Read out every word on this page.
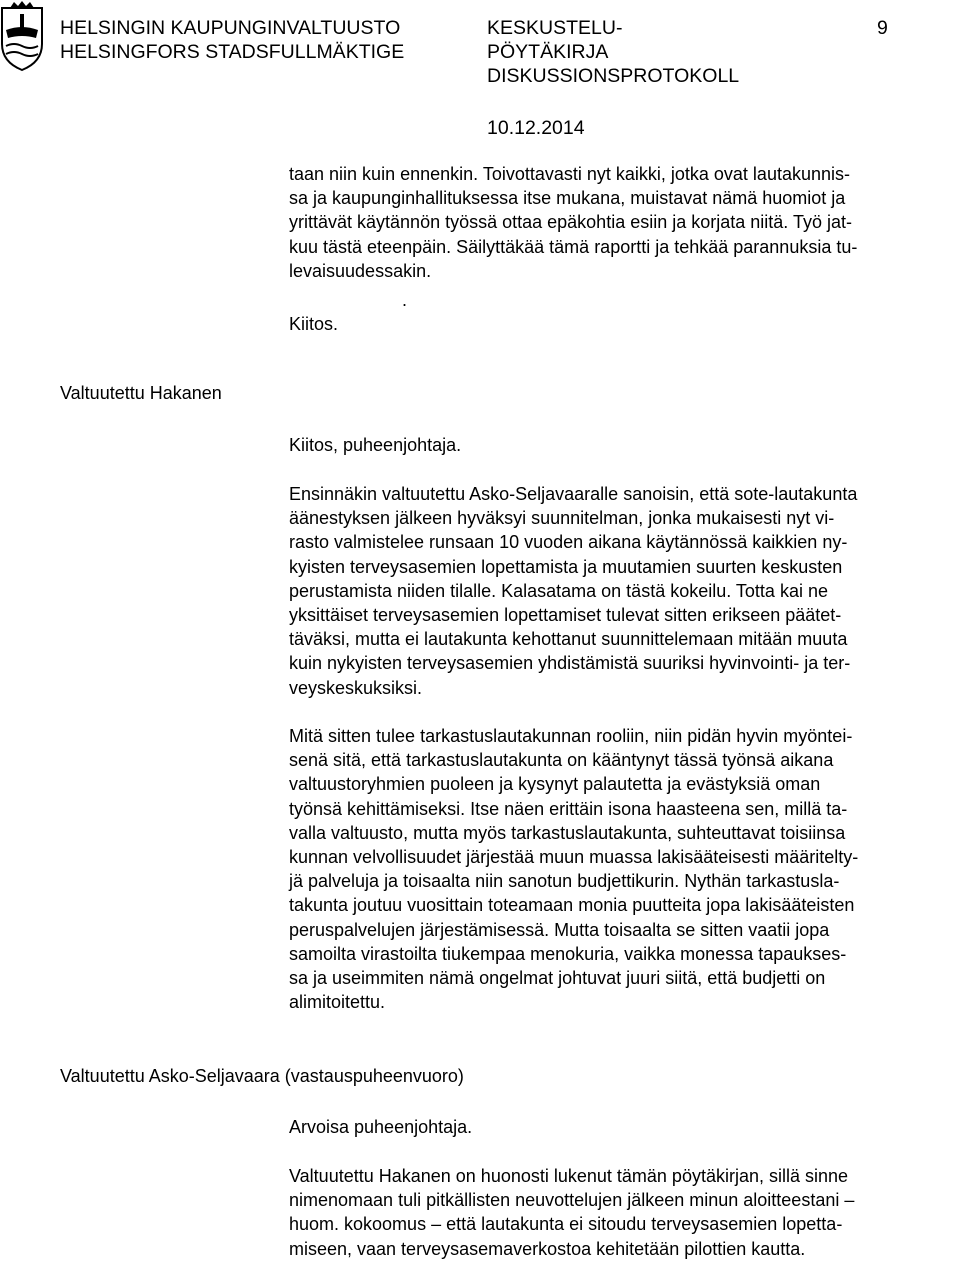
HELSINGIN KAUPUNGINVALTUUSTO
HELSINGFORS STADSFULLMÄKTIGE
KESKUSTELU-
PÖYTÄKIRJA
DISKUSSIONSPROTOKOLL
9
10.12.2014
taan niin kuin ennenkin. Toivottavasti nyt kaikki, jotka ovat lautakunnis-
sa ja kaupunginhallituksessa itse mukana, muistavat nämä huomiot ja
yrittävät käytännön työssä ottaa epäkohtia esiin ja korjata niitä. Työ jat-
kuu tästä eteenpäin. Säilyttäkää tämä raportti ja tehkää parannuksia tu-
levaisuudessakin.
.
Kiitos.
Valtuutettu Hakanen
Kiitos, puheenjohtaja.
Ensinnäkin valtuutettu Asko-Seljavaaralle sanoisin, että sote-lautakunta
äänestyksen jälkeen hyväksyi suunnitelman, jonka mukaisesti nyt vi-
rasto valmistelee runsaan 10 vuoden aikana käytännössä kaikkien ny-
kyisten terveysasemien lopettamista ja muutamien suurten keskusten
perustamista niiden tilalle. Kalasatama on tästä kokeilu. Totta kai ne
yksittäiset terveysasemien lopettamiset tulevat sitten erikseen päätet-
täväksi, mutta ei lautakunta kehottanut suunnittelemaan mitään muuta
kuin nykyisten terveysasemien yhdistämistä suuriksi hyvinvointi- ja ter-
veyskeskuksiksi.
Mitä sitten tulee tarkastuslautakunnan rooliin, niin pidän hyvin myöntei-
senä sitä, että tarkastuslautakunta on kääntynyt tässä työnsä aikana
valtuustoryhmien puoleen ja kysynyt palautetta ja evästyksiä oman
työnsä kehittämiseksi. Itse näen erittäin isona haasteena sen, millä ta-
valla valtuusto, mutta myös tarkastuslautakunta, suhteuttavat toisiinsa
kunnan velvollisuudet järjestää muun muassa lakisääteisesti määritelty-
jä palveluja ja toisaalta niin sanotun budjettikurin. Nythän tarkastusla-
takunta joutuu vuosittain toteamaan monia puutteita jopa lakisääteisten
peruspalvelujen järjestämisessä. Mutta toisaalta se sitten vaatii jopa
samoilta virastoilta tiukempaa menokuria, vaikka monessa tapaukses-
sa ja useimmiten nämä ongelmat johtuvat juuri siitä, että budjetti on
alimitoitettu.
Valtuutettu Asko-Seljavaara (vastauspuheenvuoro)
Arvoisa puheenjohtaja.
Valtuutettu Hakanen on huonosti lukenut tämän pöytäkirjan, sillä sinne
nimenomaan tuli pitkällisten neuvottelujen jälkeen minun aloitteestani –
huom. kokoomus – että lautakunta ei sitoudu terveysasemien lopetta-
miseen, vaan terveysasemaverkostoa kehitetään pilottien kautta.
